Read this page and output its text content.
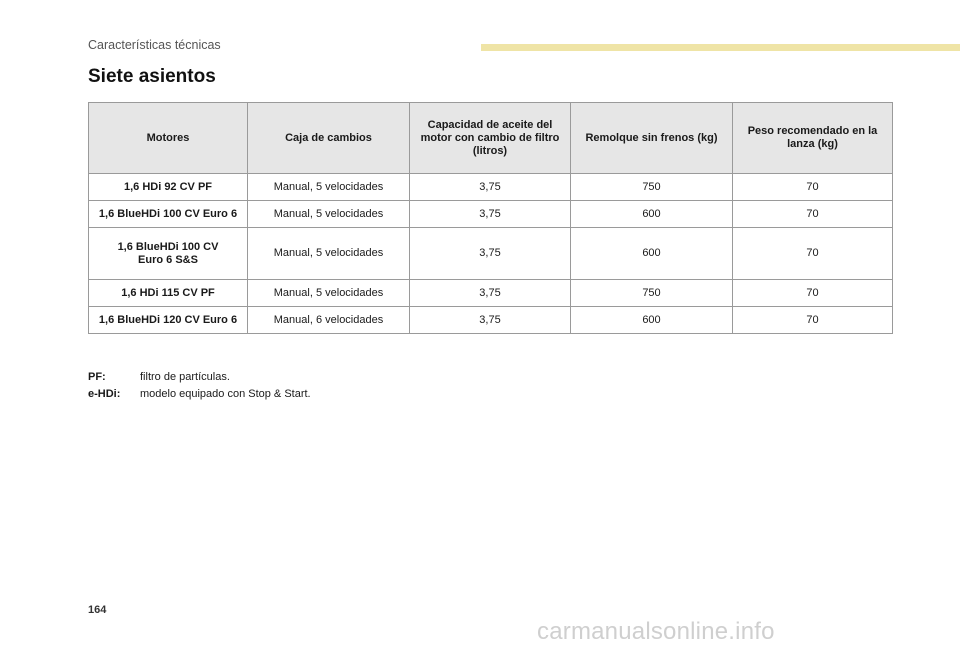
Características técnicas
Siete asientos
Motores	Caja de cambios	Capacidad de aceite del motor con cambio de filtro (litros)	Remolque sin frenos (kg)	Peso recomendado en la lanza (kg)
1,6 HDi 92 CV PF	Manual, 5 velocidades	3,75	750	70
1,6 BlueHDi 100 CV Euro 6	Manual, 5 velocidades	3,75	600	70
1,6 BlueHDi 100 CV Euro 6 S&S	Manual, 5 velocidades	3,75	600	70
1,6 HDi 115 CV PF	Manual, 5 velocidades	3,75	750	70
1,6 BlueHDi 120 CV Euro 6	Manual, 6 velocidades	3,75	600	70
PF:	filtro de partículas.
e-HDi:	modelo equipado con Stop & Start.
164
carmanualsonline.info
